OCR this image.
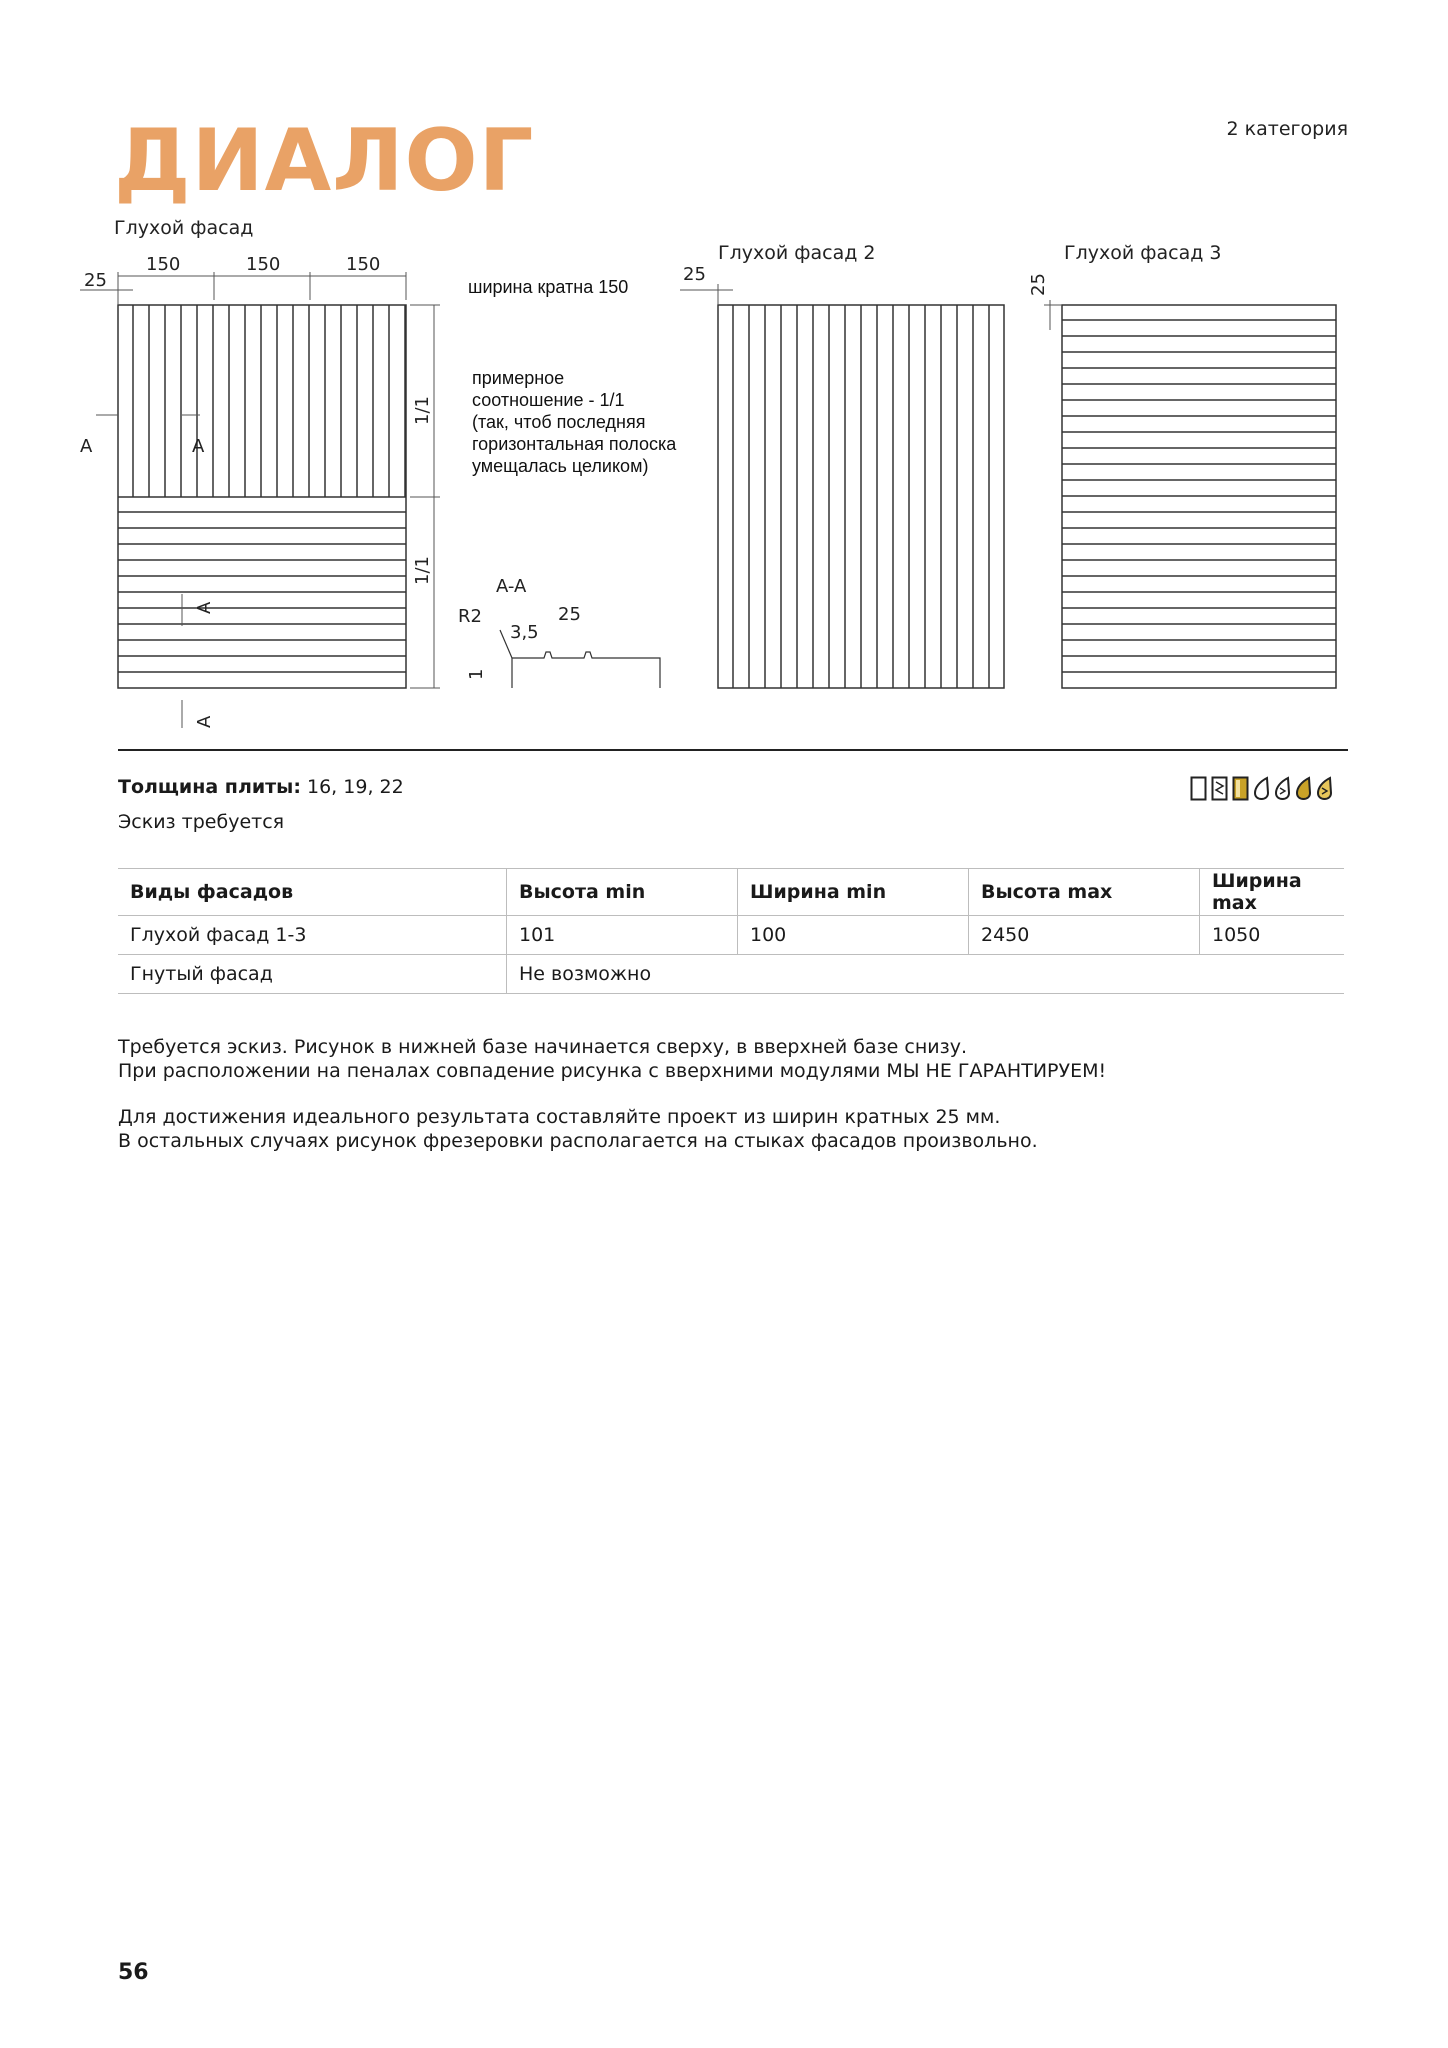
ДИАЛОГ	2 категория
Глухой фасад
Глухой фасад 2	Глухой фасад 3
25
150	150	150
1/1
1/1
A	A
A
A
25	25
A-A
R2
3,5
25
1
ширина кратна 150
примерное
соотношение - 1/1
(так, чтоб последняя
горизонтальная полоска
умещалась целиком)
Толщина плиты: 16, 19, 22
Эскиз требуется
Виды фасадов	Высота min	Ширина min	Высота max	Ширина max
Глухой фасад 1-3	101	100	2450	1050
Гнутый фасад	Не возможно			
Требуется эскиз. Рисунок в нижней базе начинается сверху, в вверхней базе снизу.
При расположении на пеналах совпадение рисунка с вверхними модулями МЫ НЕ ГАРАНТИРУЕМ!
Для достижения идеального результата составляйте проект из ширин кратных 25 мм.
В остальных случаях рисунок фрезеровки располагается на стыках фасадов произвольно.
56
